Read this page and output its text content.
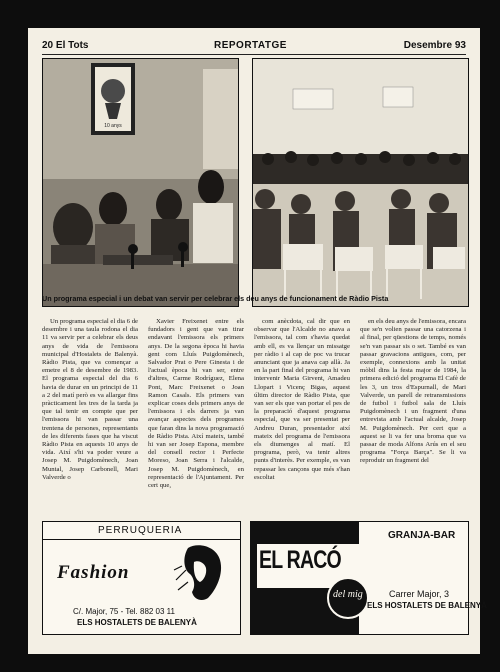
20 El Tots	REPORTATGE	Desembre 93
10 anys
Un programa especial i un debat van servir per celebrar els deu anys de funcionament de Ràdio Pista
Un programa especial el dia 6 de desembre i una taula rodona el dia 11 va servir per a celebrar els deus anys de vida de l'emissora municipal d'Hostalets de Balenyà. Ràdio Pista, que va començar a emetre el 8 de desembre de 1983. El programa especial del dia 6 havia de durar en un principi de 11 a 2 del matí però es va allargar fins pràcticament les tres de la tarda ja que tal tenir en compte que per l'emissora hi van passar una trentena de persones, representants de les diferents fases que ha viscut Ràdio Pista en aquests 10 anys de vida. Així s'hi va poder veure a Josep M. Puigdomènech, Joan Muntal, Josep Carbonell, Mari Valverde o
Xavier Freixenet entre els fundadors i gent que van tirar endavant l'emissora els primers anys. De la segona època hi havia gent com Lluís Puigdomènech, Salvador Prat o Pere Ginesta i de l'actual època hi van ser, entre d'altres, Carme Rodríguez, Elena Pont, Marc Freixenet o Joan Ramon Casals. Els primers van explicar coses dels primers anys de l'emissora i els darrers ja van avançar aspectes dels programes que faran dins la nova programació de Ràdio Pista. Així mateix, també hi van ser Josep Espona, membre del consell rector i Perfecte Moreso, Joan Serra i l'alcalde, Josep M. Puigdomènech, en representació de l'Ajuntament. Per cert que,
com anècdota, cal dir que en observar que l'Alcalde no anava a l'emissora, tal com s'havia quedat amb ell, es va llençar un missatge per ràdio i al cap de poc va trucar anunciant que ja anava cap allà. Ja en la part final del programa hi van intervenir Maria Girvent, Amadeu Llopart i Vicenç Bigas, aquest últim director de Ràdio Pista, que van ser els que van portar el pes de la preparació d'aquest programa especial, que va ser presentat per Andreu Duran, presentador així mateix del programa de l'emissora els diumenges al matí. El programa, però, va tenir altres punts d'interès. Per exemple, es van repassar les cançons que més s'han escoltat
en els deu anys de l'emissora, encara que se'n volien passar una catorzena i al final, per qüestions de temps, només se'n van passar sis o set. També es van passar gravacions antigues, com, per exemple, connexions amb la unitat mòbil dins la festa major de 1984, la primera edició del programa El Cafè de les 3, un tros d'Espurnall, de Mari Valverde, un parell de retransmissions de futbol i futbol sala de Lluís Puigdomènech i un fragment d'una entrevista amb l'actual alcalde, Josep M. Puigdomènech. Per cert que a aquest se li va fer una broma que va passar de moda Alfons Arús en el seu programa "Força Barça". Se li va reproduir un fragment del
PERRUQUERIA
Fashion
C/. Major, 75 - Tel. 882 03 11
ELS HOSTALETS DE BALENYÀ
EL RACÓ
del mig
GRANJA-BAR
Carrer Major, 3
ELS HOSTALETS DE BALENYÀ
